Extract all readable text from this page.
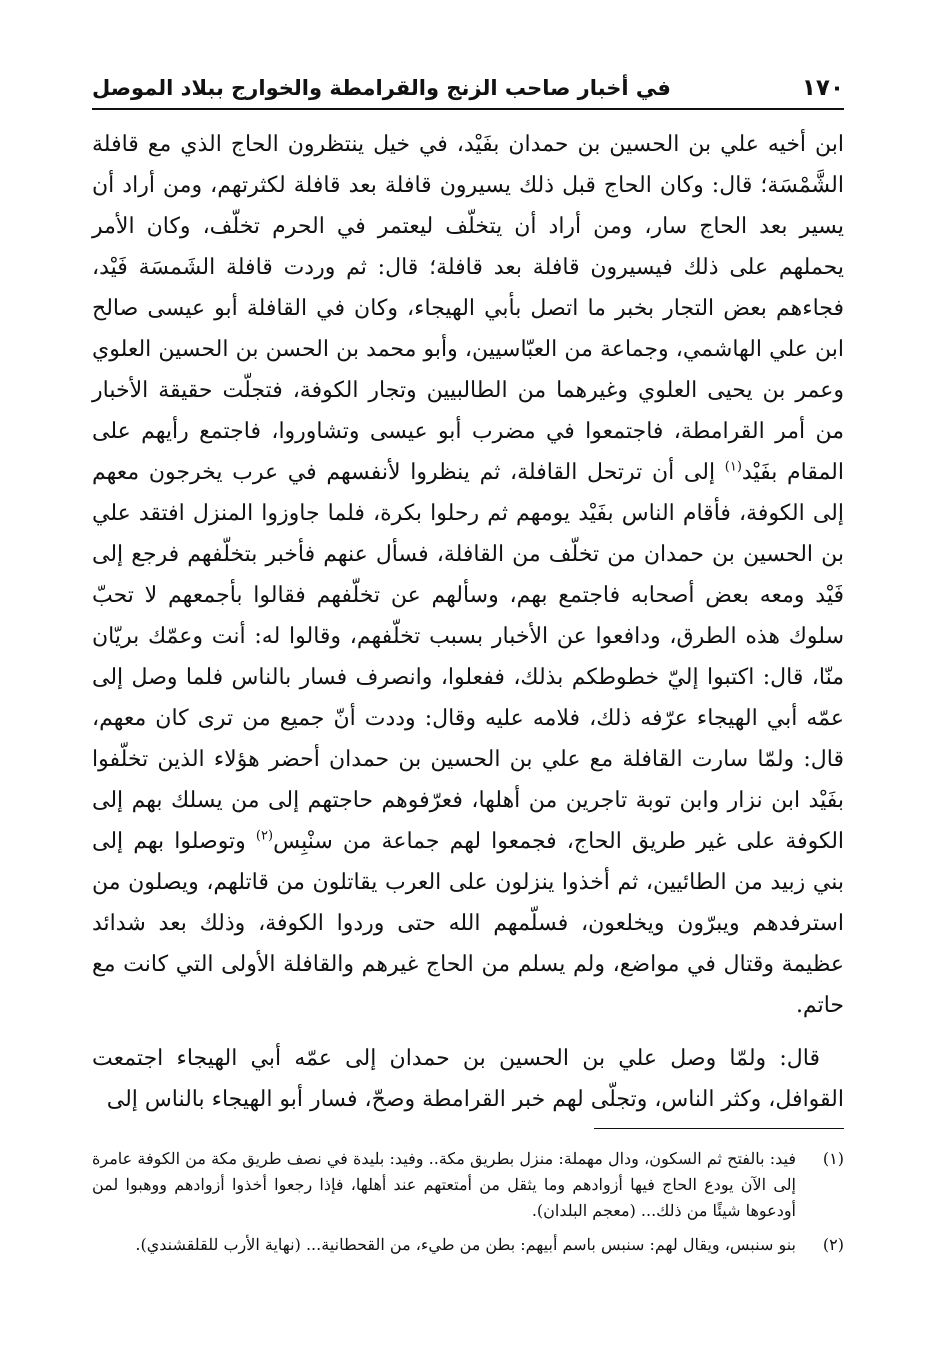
١٧٠
في أخبار صاحب الزنج والقرامطة والخوارج ببلاد الموصل

ابن أخيه علي بن الحسين بن حمدان بفَيْد، في خيل ينتظرون الحاج الذي مع قافلة الشَّمْسَة؛ قال: وكان الحاج قبل ذلك يسيرون قافلة بعد قافلة لكثرتهم، ومن أراد أن يسير بعد الحاج سار، ومن أراد أن يتخلّف ليعتمر في الحرم تخلّف، وكان الأمر يحملهم على ذلك فيسيرون قافلة بعد قافلة؛ قال: ثم وردت قافلة الشَمسَة فَيْد، فجاءهم بعض التجار بخبر ما اتصل بأبي الهيجاء، وكان في القافلة أبو عيسى صالح ابن علي الهاشمي، وجماعة من العبّاسيين، وأبو محمد بن الحسن بن الحسين العلوي وعمر بن يحيى العلوي وغيرهما من الطالبيين وتجار الكوفة، فتجلّت حقيقة الأخبار من أمر القرامطة، فاجتمعوا في مضرب أبو عيسى وتشاوروا، فاجتمع رأيهم على المقام بفَيْد$^{(١)}$ إلى أن ترتحل القافلة، ثم ينظروا لأنفسهم في عرب يخرجون معهم إلى الكوفة، فأقام الناس بفَيْد يومهم ثم رحلوا بكرة، فلما جاوزوا المنزل افتقد علي بن الحسين بن حمدان من تخلّف من القافلة، فسأل عنهم فأخبر بتخلّفهم فرجع إلى فَيْد ومعه بعض أصحابه فاجتمع بهم، وسألهم عن تخلّفهم فقالوا بأجمعهم لا تحبّ سلوك هذه الطرق، ودافعوا عن الأخبار بسبب تخلّفهم، وقالوا له: أنت وعمّك بريّان منّا، قال: اكتبوا إليّ خطوطكم بذلك، ففعلوا، وانصرف فسار بالناس فلما وصل إلى عمّه أبي الهيجاء عرّفه ذلك، فلامه عليه وقال: وددت أنّ جميع من ترى كان معهم، قال: ولمّا سارت القافلة مع علي بن الحسين بن حمدان أحضر هؤلاء الذين تخلّفوا بفَيْد ابن نزار وابن توبة تاجرين من أهلها، فعرّفوهم حاجتهم إلى من يسلك بهم إلى الكوفة على غير طريق الحاج، فجمعوا لهم جماعة من سنْبِس$^{(٢)}$ وتوصلوا بهم إلى بني زبيد من الطائيين، ثم أخذوا ينزلون على العرب يقاتلون من قاتلهم، ويصلون من استرفدهم ويبرّون ويخلعون، فسلّمهم الله حتى وردوا الكوفة، وذلك بعد شدائد عظيمة وقتال في مواضع، ولم يسلم من الحاج غيرهم والقافلة الأولى التي كانت مع حاتم.

قال: ولمّا وصل علي بن الحسين بن حمدان إلى عمّه أبي الهيجاء اجتمعت القوافل، وكثر الناس، وتجلّى لهم خبر القرامطة وصحّ، فسار أبو الهيجاء بالناس إلى

(١)
فيد: بالفتح ثم السكون، ودال مهملة: منزل بطريق مكة.. وفيد: بليدة في نصف طريق مكة من الكوفة عامرة إلى الآن يودع الحاج فيها أزوادهم وما يثقل من أمتعتهم عند أهلها، فإذا رجعوا أخذوا أزوادهم ووهبوا لمن أودعوها شيئًا من ذلك... (معجم البلدان).
(٢)
بنو سنبس، ويقال لهم: سنبس باسم أبيهم: بطن من طيء، من القحطانية... (نهاية الأرب للقلقشندي).
